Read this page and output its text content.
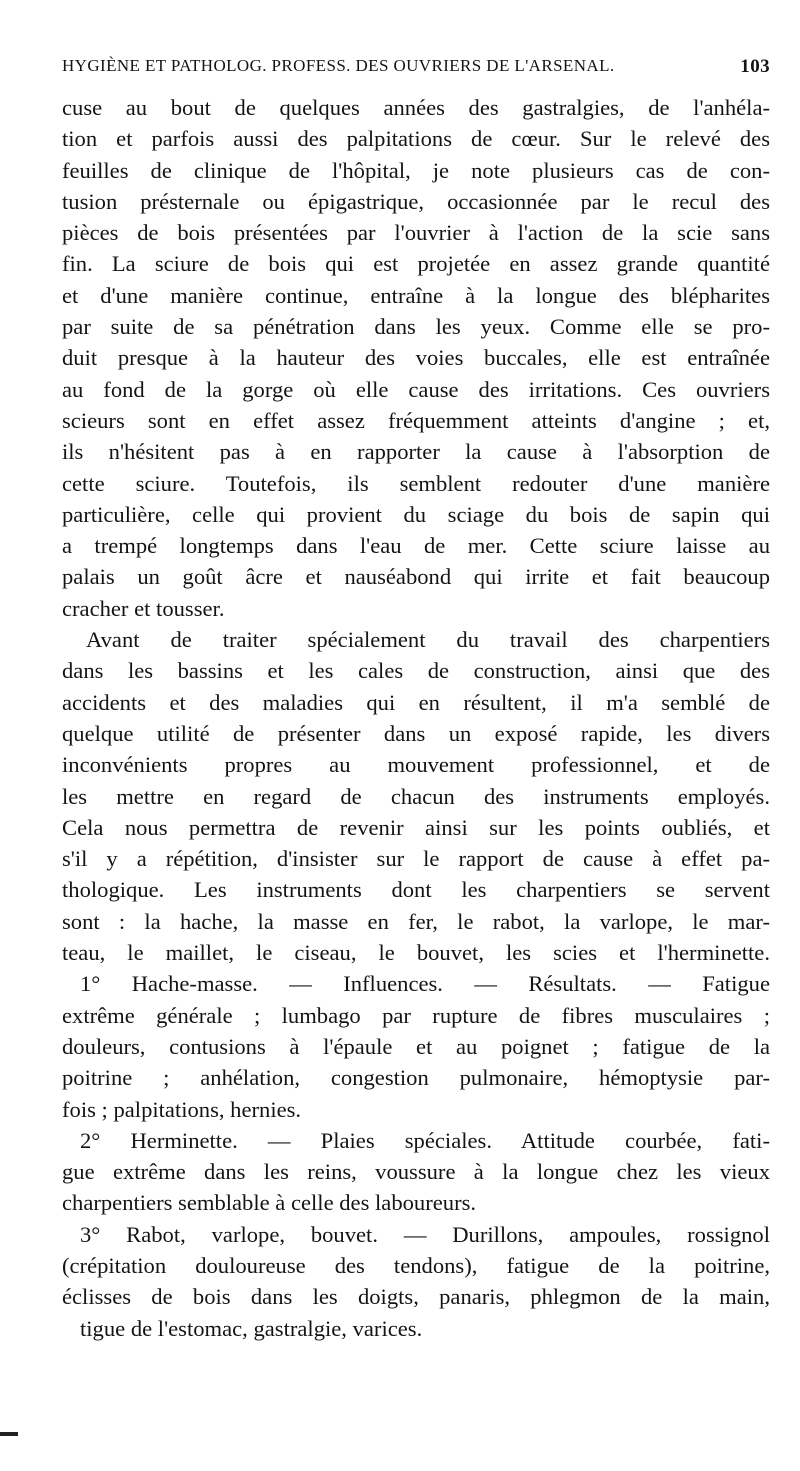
HYGIÈNE ET PATHOLOG. PROFESS. DES OUVRIERS DE L'ARSENAL.	103
cuse au bout de quelques années des gastralgies, de l'anhéla-
tion et parfois aussi des palpitations de cœur. Sur le relevé des
feuilles de clinique de l'hôpital, je note plusieurs cas de con-
tusion présternale ou épigastrique, occasionnée par le recul des
pièces de bois présentées par l'ouvrier à l'action de la scie sans
fin. La sciure de bois qui est projetée en assez grande quantité
et d'une manière continue, entraîne à la longue des blépharites
par suite de sa pénétration dans les yeux. Comme elle se pro-
duit presque à la hauteur des voies buccales, elle est entraînée
au fond de la gorge où elle cause des irritations. Ces ouvriers
scieurs sont en effet assez fréquemment atteints d'angine ; et,
ils n'hésitent pas à en rapporter la cause à l'absorption de
cette sciure. Toutefois, ils semblent redouter d'une manière
particulière, celle qui provient du sciage du bois de sapin qui
a trempé longtemps dans l'eau de mer. Cette sciure laisse au
palais un goût âcre et nauséabond qui irrite et fait beaucoup
cracher et tousser.
Avant de traiter spécialement du travail des charpentiers
dans les bassins et les cales de construction, ainsi que des
accidents et des maladies qui en résultent, il m'a semblé de
quelque utilité de présenter dans un exposé rapide, les divers
inconvénients propres au mouvement professionnel, et de
les mettre en regard de chacun des instruments employés.
Cela nous permettra de revenir ainsi sur les points oubliés, et
s'il y a répétition, d'insister sur le rapport de cause à effet pa-
thologique. Les instruments dont les charpentiers se servent
sont : la hache, la masse en fer, le rabot, la varlope, le mar-
teau, le maillet, le ciseau, le bouvet, les scies et l'herminette.
1° Hache-masse. — Influences. — Résultats. — Fatigue
extrême générale ; lumbago par rupture de fibres musculaires ;
douleurs, contusions à l'épaule et au poignet ; fatigue de la
poitrine ; anhélation, congestion pulmonaire, hémoptysie par-
fois ; palpitations, hernies.
2° Herminette. — Plaies spéciales. Attitude courbée, fati-
gue extrême dans les reins, voussure à la longue chez les vieux
charpentiers semblable à celle des laboureurs.
3° Rabot, varlope, bouvet. — Durillons, ampoules, rossignol
(crépitation douloureuse des tendons), fatigue de la poitrine,
éclisses de bois dans les doigts, panaris, phlegmon de la main,
tigue de l'estomac, gastralgie, varices.
